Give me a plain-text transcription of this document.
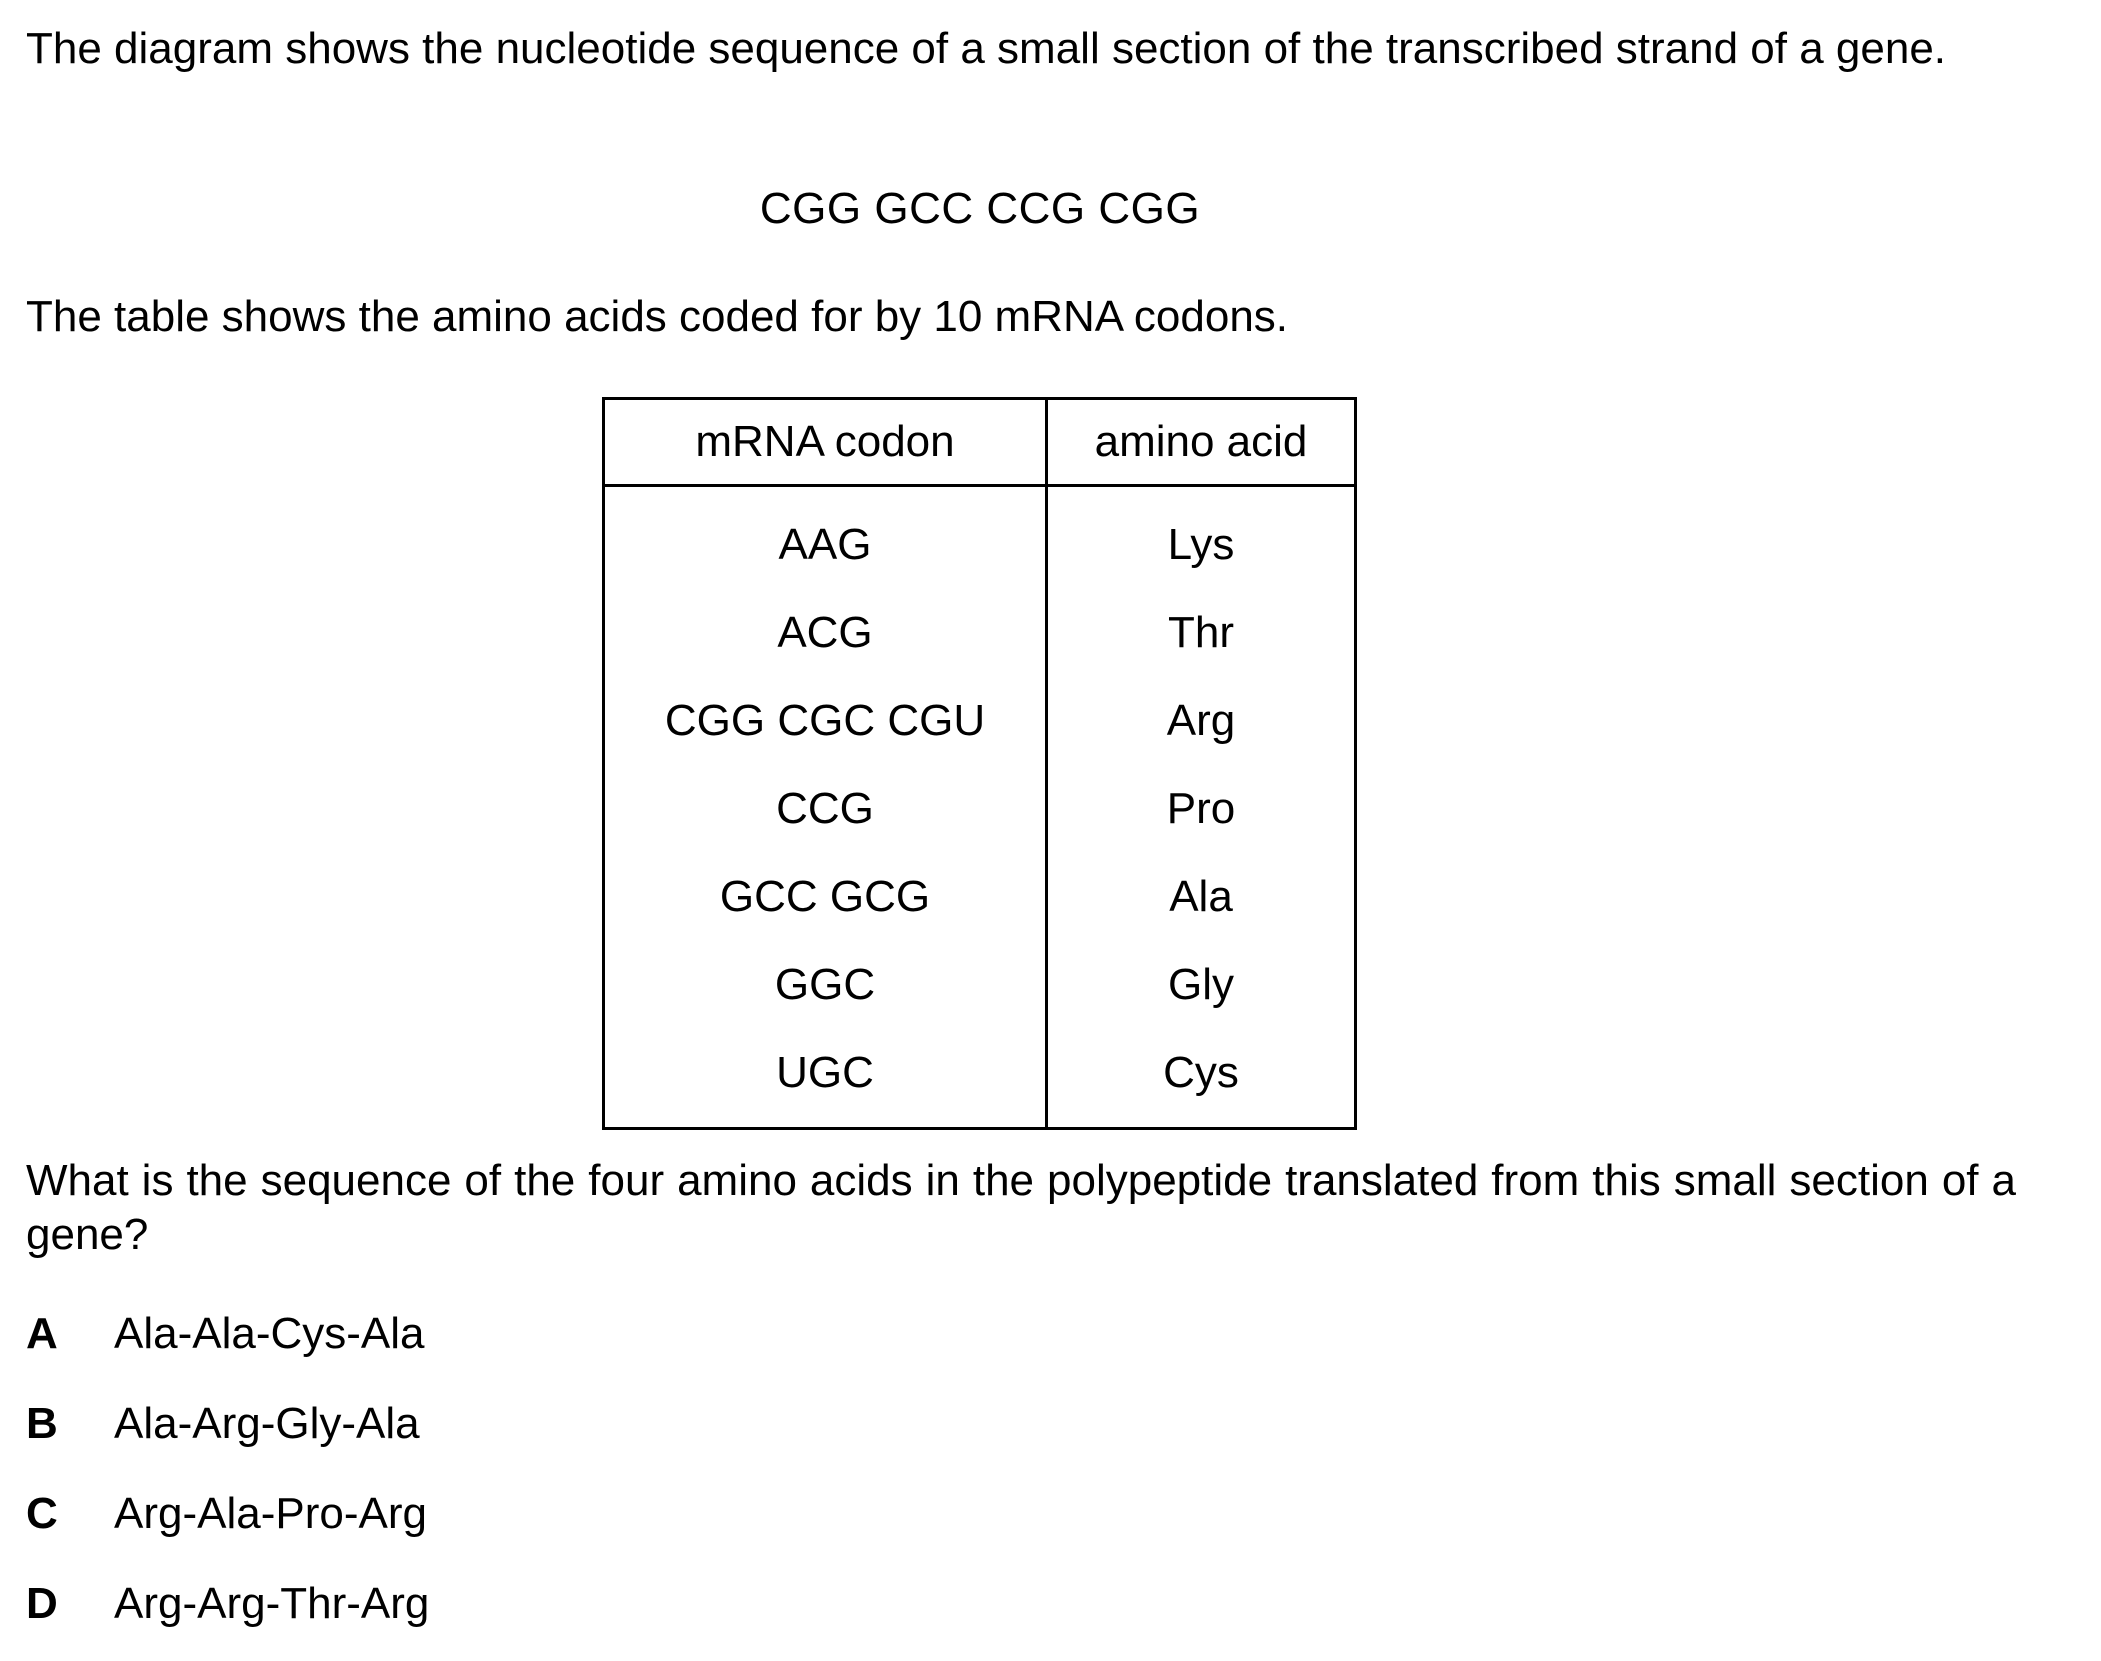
The diagram shows the nucleotide sequence of a small section of the transcribed strand of a gene.

CGG GCC CCG CGG

The table shows the amino acids coded for by 10 mRNA codons.

mRNA codon	amino acid
AAG	Lys
ACG	Thr
CGG CGC CGU	Arg
CCG	Pro
GCC GCG	Ala
GGC	Gly
UGC	Cys

What is the sequence of the four amino acids in the polypeptide translated from this small section of a gene?

A	Ala-Ala-Cys-Ala
B	Ala-Arg-Gly-Ala
C	Arg-Ala-Pro-Arg
D	Arg-Arg-Thr-Arg
